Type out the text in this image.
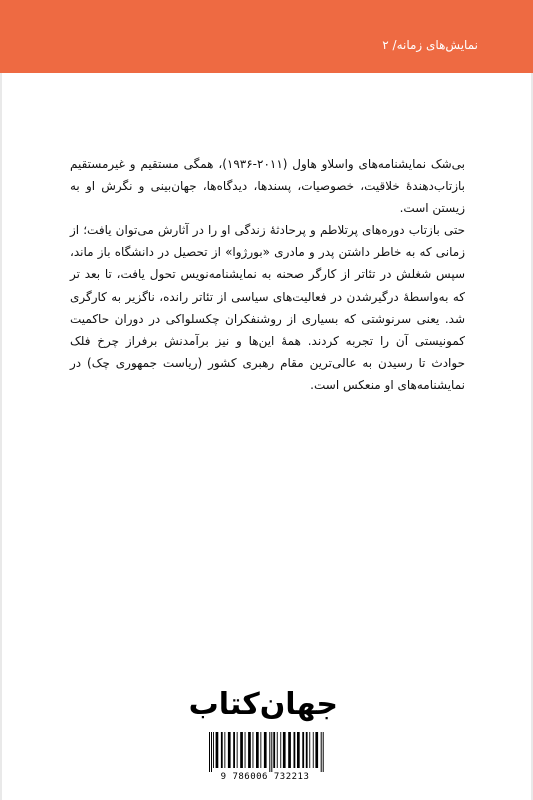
نمایش‌های زمانه/ ۲

بی‌شک نمایشنامه‌های واسلاو هاول (۲۰۱۱-۱۹۳۶)، همگی مستقیم و غیرمستقیم بازتاب‌دهندهٔ خلاقیت، خصوصیات، پسندها، دیدگاه‌ها، جهان‌بینی و نگرش او به زیستن است.

حتی بازتاب دوره‌های پرتلاطم و پرحادثهٔ زندگی او را در آثارش می‌توان یافت؛ از زمانی که به خاطر داشتن پدر و مادری «بورژوا» از تحصیل در دانشگاه باز ماند، سپس شغلش در تئاتر از کارگر صحنه به نمایشنامه‌نویس تحول یافت، تا بعد تر که به‌واسطهٔ درگیرشدن در فعالیت‌های سیاسی از تئاتر رانده، ناگزیر به کارگری شد. یعنی سرنوشتی که بسیاری از روشنفکران چکسلواکی در دوران حاکمیت کمونیستی آن را تجربه کردند. همهٔ این‌ها و نیز برآمدنش برفراز چرخ فلک حوادث تا رسیدن به عالی‌ترین مقام رهبری کشور (ریاست جمهوری چک) در نمایشنامه‌های او منعکس است.

جهان‌کتاب
9 786006 732213
